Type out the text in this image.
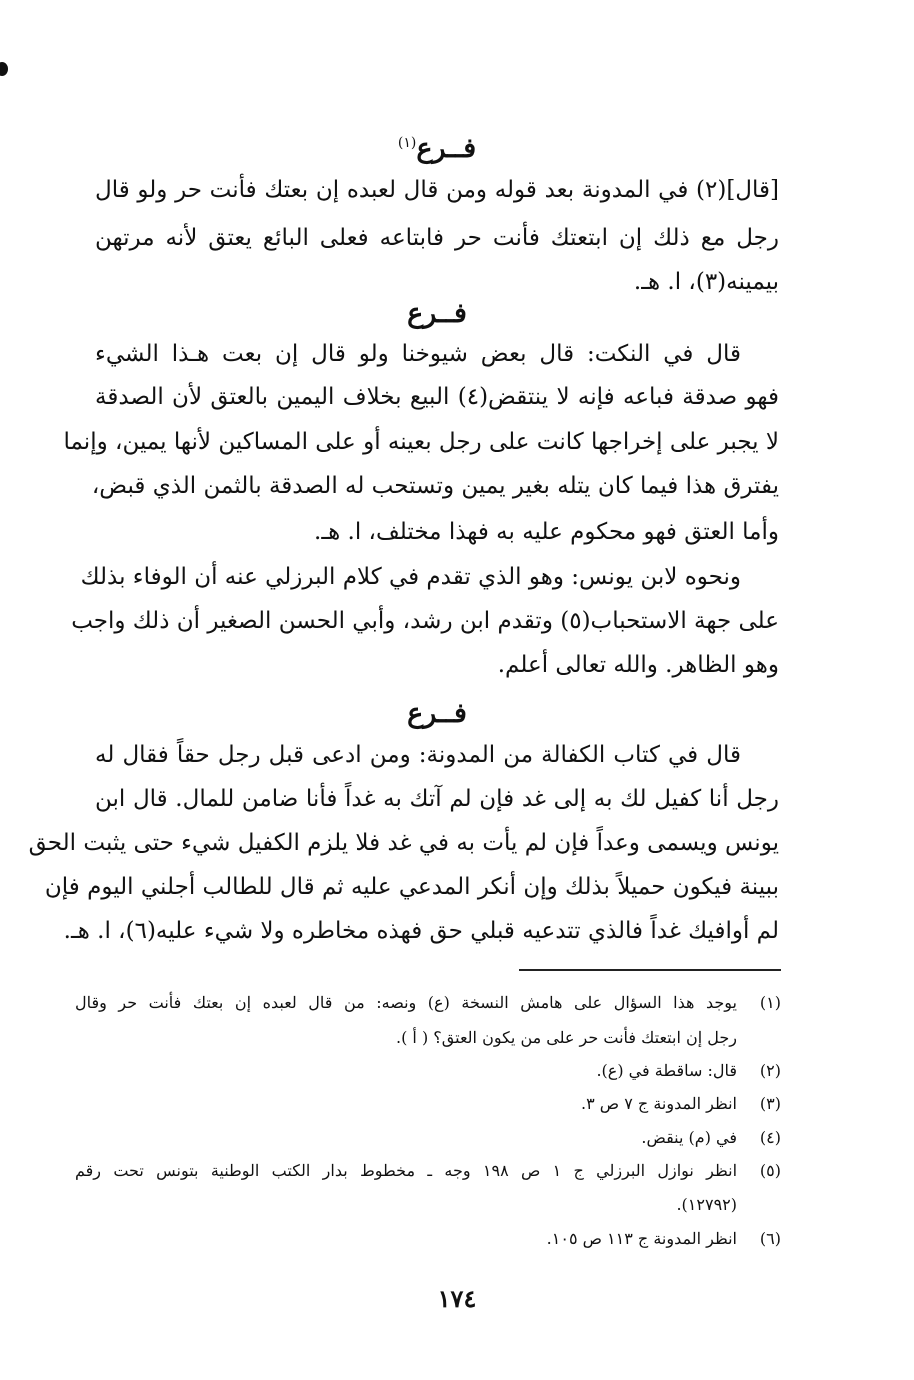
فــرع$^{(١)}$
[قال](٢) في المدونة بعد قوله ومن قال لعبده إن بعتك فأنت حر ولو قال
رجل مع ذلك إن ابتعتك فأنت حر فابتاعه فعلى البائع يعتق لأنه مرتهن
بيمينه(٣)، ا. هـ.
فــرع
قال في النكت: قال بعض شيوخنا ولو قال إن بعت هـذا الشيء
فهو صدقة فباعه فإنه لا ينتقض(٤) البيع بخلاف اليمين بالعتق لأن الصدقة
لا يجبر على إخراجها كانت على رجل بعينه أو على المساكين لأنها يمين، وإنما
يفترق هذا فيما كان يتله بغير يمين وتستحب له الصدقة بالثمن الذي قبض،
وأما العتق فهو محكوم عليه به فهذا مختلف، ا. هـ.
ونحوه لابن يونس: وهو الذي تقدم في كلام البرزلي عنه أن الوفاء بذلك
على جهة الاستحباب(٥) وتقدم ابن رشد، وأبي الحسن الصغير أن ذلك واجب
وهو الظاهر. والله تعالى أعلم.
فــرع
قال في كتاب الكفالة من المدونة: ومن ادعى قبل رجل حقاً فقال له
رجل أنا كفيل لك به إلى غد فإن لم آتك به غداً فأنا ضامن للمال. قال ابن
يونس ويسمى وعداً فإن لم يأت به في غد فلا يلزم الكفيل شيء حتى يثبت الحق
ببينة فيكون حميلاً بذلك وإن أنكر المدعي عليه ثم قال للطالب أجلني اليوم فإن
لم أوافيك غداً فالذي تتدعيه قبلي حق فهذه مخاطره ولا شيء عليه(٦)، ا. هـ.
(١)
يوجد هذا السؤال على هامش النسخة (ع) ونصه: من قال لعبده إن بعتك فأنت حر وقال
رجل إن ابتعتك فأنت حر على من يكون العتق؟ ( أ ).
(٢)
قال: ساقطة في (ع).
(٣)
انظر المدونة ج ٧ ص ٣.
(٤)
في (م) ينقض.
(٥)
انظر نوازل البرزلي ج ١ ص ١٩٨ وجه ـ مخطوط بدار الكتب الوطنية بتونس تحت رقم
(١٢٧٩٢).
(٦)
انظر المدونة ج ١١٣ ص ١٠٥.
١٧٤
